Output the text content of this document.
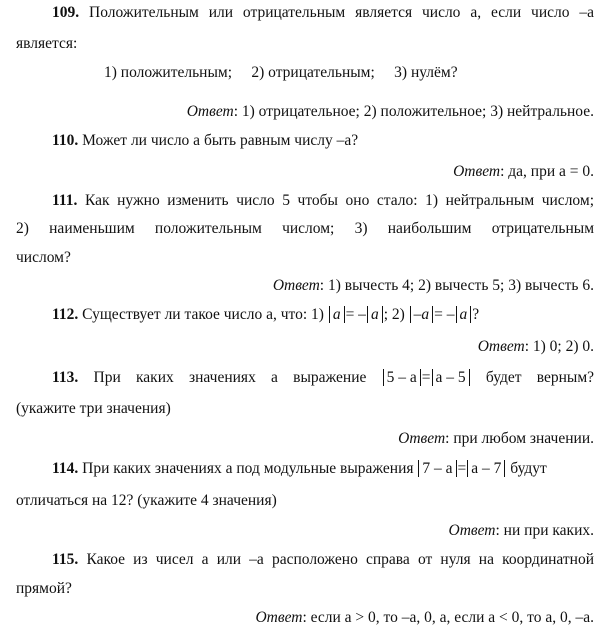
109. Положительным или отрицательным является число a, если число –a
является:
1) положительным;     2) отрицательным;     3) нулём?
Ответ: 1) отрицательное; 2) положительное; 3) нейтральное.
110. Может ли число a быть равным числу –a?
Ответ: да, при a = 0.
111. Как нужно изменить число 5 чтобы оно стало: 1) нейтральным числом;
2) наименьшим положительным числом; 3) наибольшим отрицательным
числом?
Ответ: 1) вычесть 4; 2) вычесть 5; 3) вычесть 6.
112. Существует ли такое число a, что: 1) a = – a ; 2) –a = – a ?
Ответ: 1) 0; 2) 0.
113. При каких значениях a выражение 5 – a = a – 5 будет верным?
(укажите три значения)
Ответ: при любом значении.
114. При каких значениях a под модульные выражения 7 – a = a – 7 будут
отличаться на 12? (укажите 4 значения)
Ответ: ни при каких.
115. Какое из чисел a или –a расположено справа от нуля на координатной
прямой?
Ответ: если a > 0, то –a, 0, a, если a < 0, то a, 0, –a.
